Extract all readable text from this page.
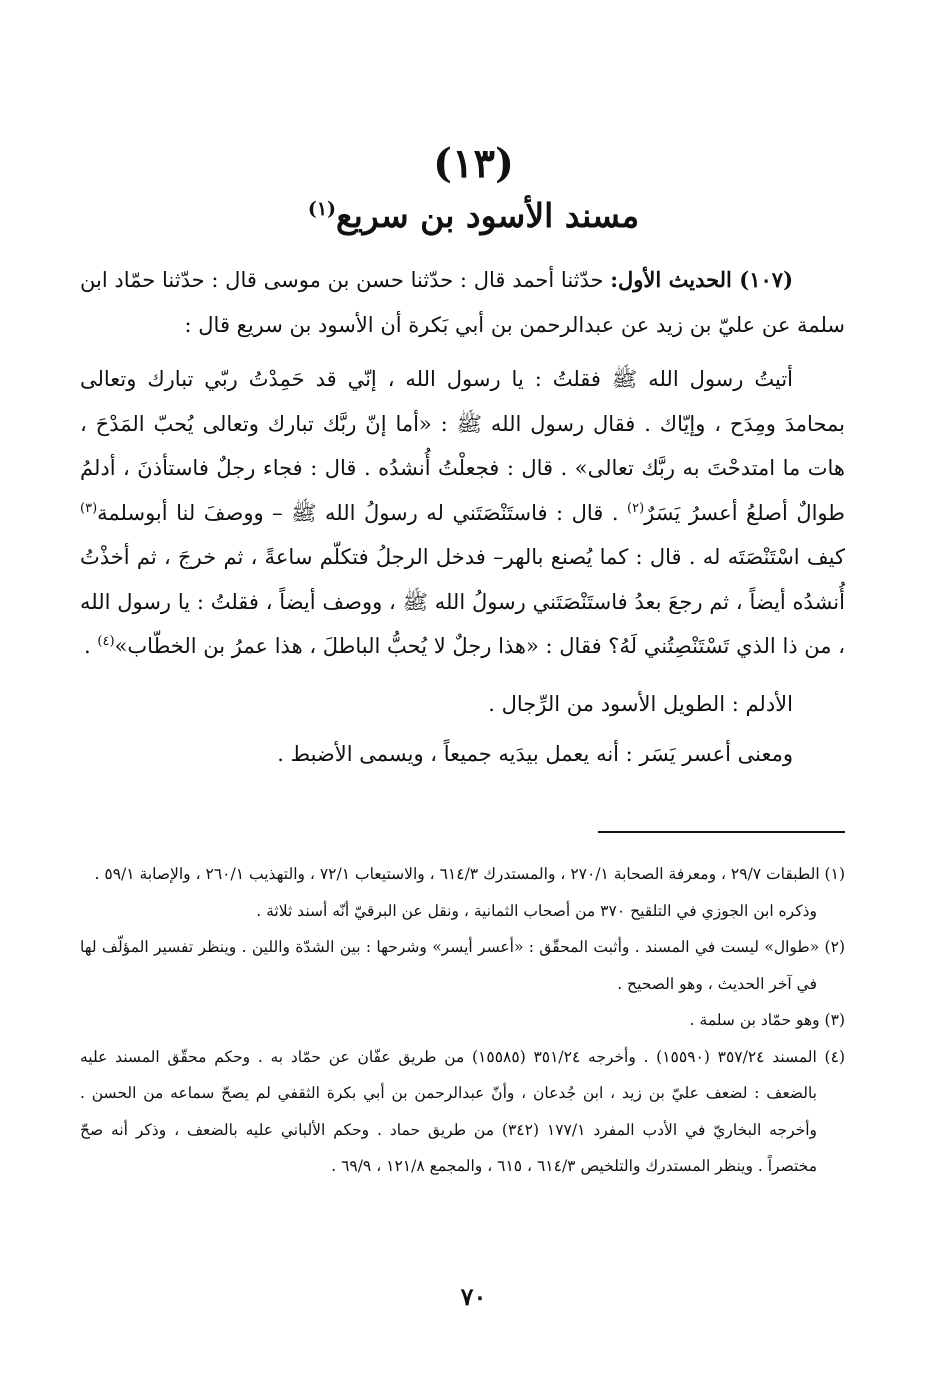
(١٣)
مسند الأسود بن سريع$^{(١)}$

(١٠٧) الحديث الأول: حدّثنا أحمد قال : حدّثنا حسن بن موسى قال : حدّثنا حمّاد ابن سلمة عن عليّ بن زيد عن عبدالرحمن بن أبي بَكرة أن الأسود بن سريع قال :

أتيتُ رسول الله ﷺ فقلتُ : يا رسول الله ، إنّي قد حَمِدْتُ ربّي تبارك وتعالى بمحامدَ ومِدَح ، وإيّاك . فقال رسول الله ﷺ : «أما إنّ ربَّك تبارك وتعالى يُحبّ المَدْحَ ، هات ما امتدحْتَ به ربَّك تعالى» . قال : فجعلْتُ أُنشدُه . قال : فجاء رجلٌ فاستأذنَ ، أدلمُ طوالٌ أصلعُ أعسرُ يَسَرٌ$^{(٢)}$ . قال : فاستَنْصَتَني له رسولُ الله ﷺ – ووصفَ لنا أبوسلمة$^{(٣)}$ كيف اسْتَنْصَتَه له . قال : كما يُصنع بالهر– فدخل الرجلُ فتكلّم ساعةً ، ثم خرجَ ، ثم أخذْتُ أُنشدُه أيضاً ، ثم رجعَ بعدُ فاستَنْصَتَني رسولُ الله ﷺ ، ووصف أيضاً ، فقلتُ : يا رسول الله ، من ذا الذي تَسْتَنْصِتُني لَهُ؟ فقال : «هذا رجلٌ لا يُحبُّ الباطلَ ، هذا عمرُ بن الخطّاب»$^{(٤)}$ .

الأدلم : الطويل الأسود من الرِّجال .

ومعنى أعسر يَسَر : أنه يعمل بيدَيه جميعاً ، ويسمى الأضبط .

(١) الطبقات ٢٩/٧ ، ومعرفة الصحابة ٢٧٠/١ ، والمستدرك ٦١٤/٣ ، والاستيعاب ٧٢/١ ، والتهذيب ٢٦٠/١ ، والإصابة ٥٩/١ .

وذكره ابن الجوزي في التلقيح ٣٧٠ من أصحاب الثمانية ، ونقل عن البرقيّ أنّه أسند ثلاثة .

(٢) «طوال» ليست في المسند . وأثبت المحقّق : «أعسر أيسر» وشرحها : بين الشدّة واللين . وينظر تفسير المؤلّف لها في آخر الحديث ، وهو الصحيح .

(٣) وهو حمّاد بن سلمة .

(٤) المسند ٣٥٧/٢٤ (١٥٥٩٠) . وأخرجه ٣٥١/٢٤ (١٥٥٨٥) من طريق عفّان عن حمّاد به . وحكم محقّق المسند عليه بالضعف : لضعف عليّ بن زيد ، ابن جُدعان ، وأنّ عبدالرحمن بن أبي بكرة الثقفي لم يصحّ سماعه من الحسن . وأخرجه البخاريّ في الأدب المفرد ١٧٧/١ (٣٤٢) من طريق حماد . وحكم الألباني عليه بالضعف ، وذكر أنه صحّ مختصراً . وينظر المستدرك والتلخيص ٦١٤/٣ ، ٦١٥ ، والمجمع ١٢١/٨ ، ٦٩/٩ .

٧٠
